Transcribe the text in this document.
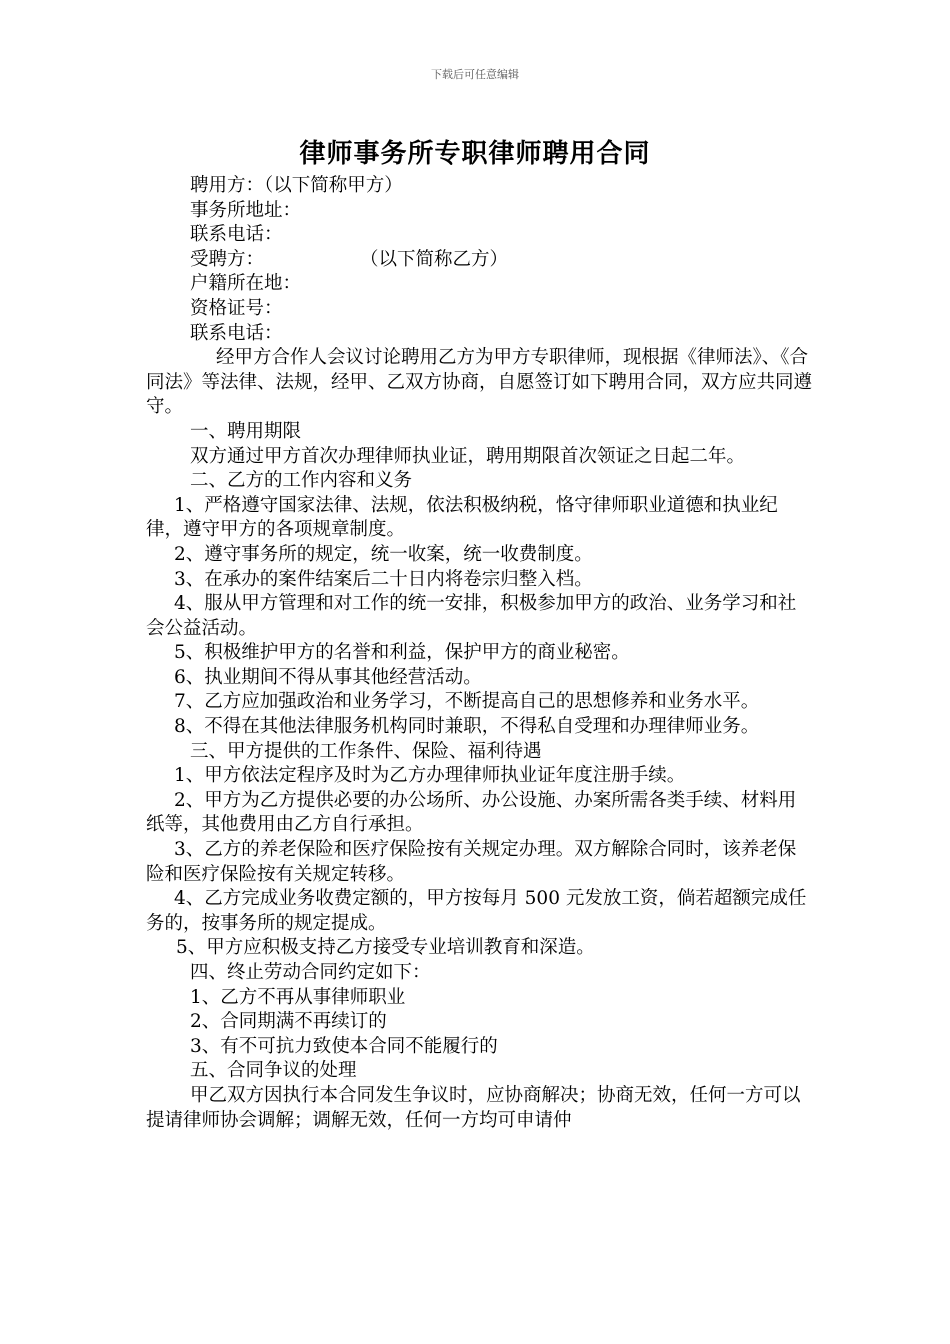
下载后可任意编辑
律师事务所专职律师聘用合同

聘用方：（以下简称甲方）

事务所地址：

联系电话：

受聘方：	（以下简称乙方）

户籍所在地：

资格证号：

联系电话：

经甲方合作人会议讨论聘用乙方为甲方专职律师，现根据《律师法》、《合同法》等法律、法规，经甲、乙双方协商，自愿签订如下聘用合同，双方应共同遵守。

一、聘用期限

双方通过甲方首次办理律师执业证，聘用期限首次领证之日起二年。

二、乙方的工作内容和义务

1、严格遵守国家法律、法规，依法积极纳税，恪守律师职业道德和执业纪律，遵守甲方的各项规章制度。

2、遵守事务所的规定，统一收案，统一收费制度。

3、在承办的案件结案后二十日内将卷宗归整入档。

4、服从甲方管理和对工作的统一安排，积极参加甲方的政治、业务学习和社会公益活动。

5、积极维护甲方的名誉和利益，保护甲方的商业秘密。

6、执业期间不得从事其他经营活动。

7、乙方应加强政治和业务学习，不断提高自己的思想修养和业务水平。

8、不得在其他法律服务机构同时兼职，不得私自受理和办理律师业务。

三、甲方提供的工作条件、保险、福利待遇

1、甲方依法定程序及时为乙方办理律师执业证年度注册手续。

2、甲方为乙方提供必要的办公场所、办公设施、办案所需各类手续、材料用纸等，其他费用由乙方自行承担。

3、乙方的养老保险和医疗保险按有关规定办理。双方解除合同时，该养老保险和医疗保险按有关规定转移。

4、乙方完成业务收费定额的，甲方按每月 500 元发放工资，倘若超额完成任务的，按事务所的规定提成。

5、甲方应积极支持乙方接受专业培训教育和深造。

四、终止劳动合同约定如下：

1、乙方不再从事律师职业

2、合同期满不再续订的

3、有不可抗力致使本合同不能履行的

五、合同争议的处理

甲乙双方因执行本合同发生争议时，应协商解决；协商无效，任何一方可以提请律师协会调解；调解无效，任何一方均可申请仲
